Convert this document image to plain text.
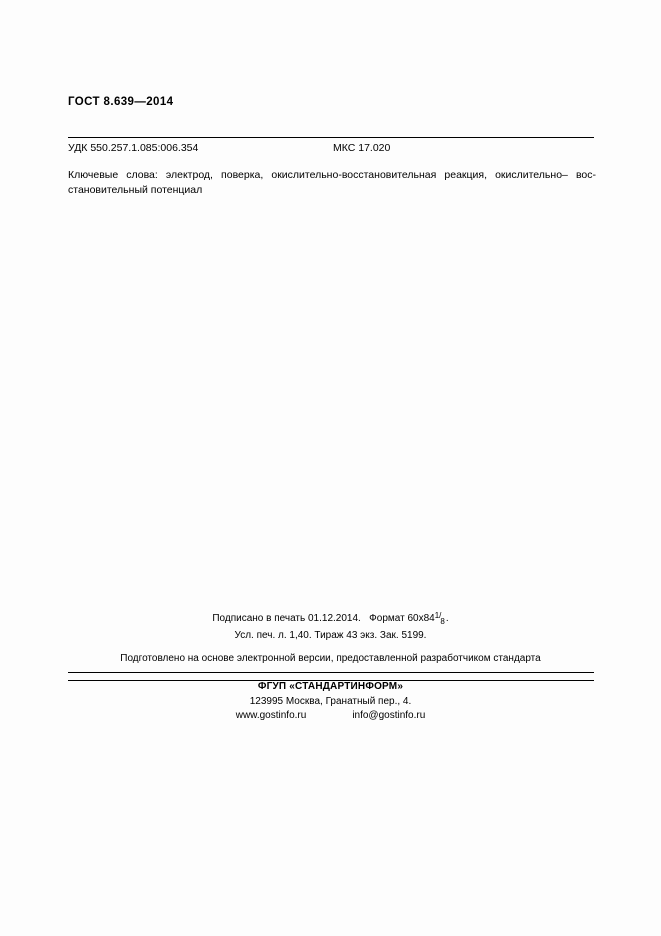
ГОСТ 8.639—2014
УДК 550.257.1.085:006.354	МКС 17.020
Ключевые слова: электрод, поверка, окислительно-восстановительная реакция, окислительно– вос-
становительный потенциал
Подписано в печать 01.12.2014. Формат $60х841/_8$.
Усл. печ. л. 1,40. Тираж 43 экз. Зак. 5199.
Подготовлено на основе электронной версии, предоставленной разработчиком стандарта
ФГУП «СТАНДАРТИНФОРМ»
123995 Москва, Гранатный пер., 4.
www.gostinfo.ru	info@gostinfo.ru
